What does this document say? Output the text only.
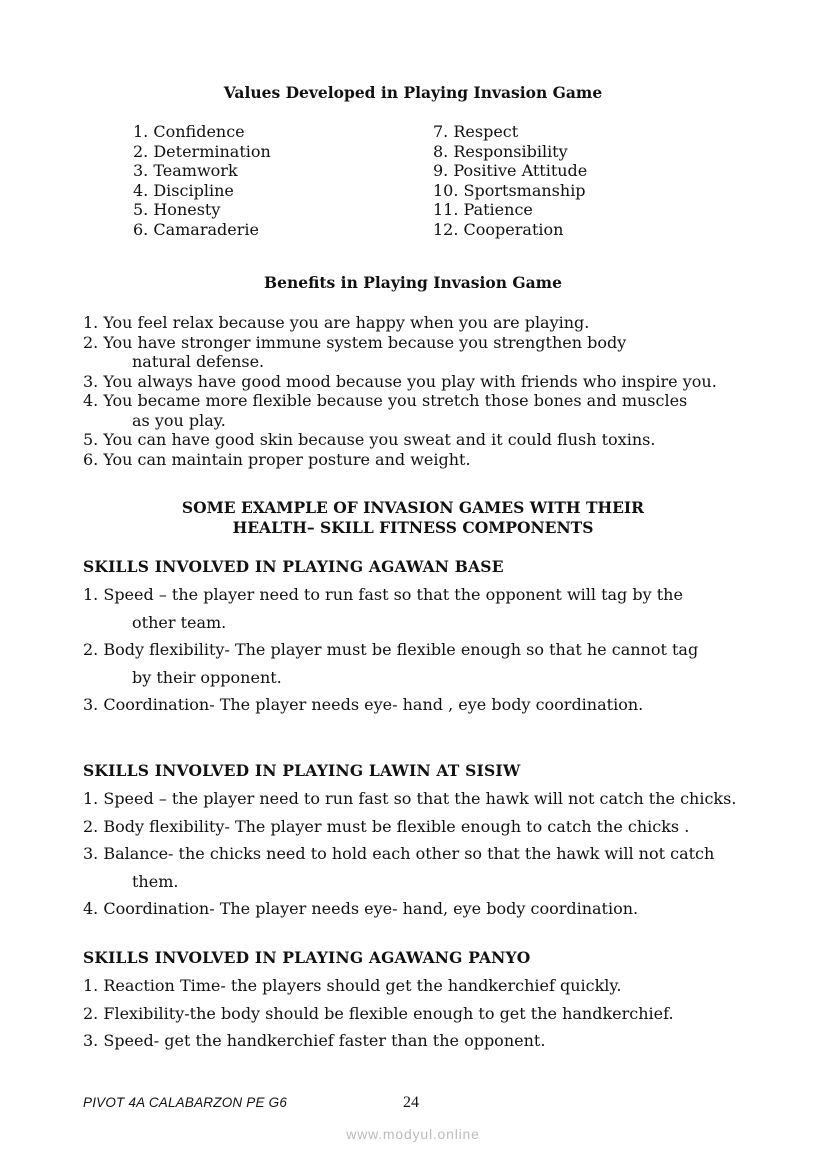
Values Developed in Playing Invasion Game
1. Confidence
2. Determination
3. Teamwork
4. Discipline
5. Honesty
6. Camaraderie
7. Respect
8. Responsibility
9. Positive Attitude
10. Sportsmanship
11. Patience
12. Cooperation
Benefits in Playing Invasion Game
1. You feel relax because you are happy when you are playing.
2. You have stronger immune system because you strengthen body
natural defense.
3. You always have good mood because you play with friends who inspire you.
4. You became more flexible because you stretch those bones and muscles
as you play.
5. You can have good skin because you sweat and it could flush toxins.
6. You can maintain proper posture and weight.
SOME EXAMPLE OF INVASION GAMES WITH THEIR
HEALTH– SKILL FITNESS COMPONENTS
SKILLS INVOLVED IN PLAYING AGAWAN BASE
1. Speed – the player need to run fast so that the opponent will tag by the
other team.
2. Body flexibility- The player must be flexible enough so that he cannot tag
by their opponent.
3. Coordination- The player needs eye- hand , eye body coordination.
SKILLS INVOLVED IN PLAYING LAWIN AT SISIW
1. Speed – the player need to run fast so that the hawk will not catch the chicks.
2. Body flexibility- The player must be flexible enough to catch the chicks .
3. Balance- the chicks need to hold each other so that the hawk will not catch
them.
4. Coordination- The player needs eye- hand, eye body coordination.
SKILLS INVOLVED IN PLAYING AGAWANG PANYO
1. Reaction Time- the players should get the handkerchief quickly.
2. Flexibility-the body should be flexible enough to get the handkerchief.
3. Speed- get the handkerchief faster than the opponent.
PIVOT 4A CALABARZON PE G6	24
www.modyul.online
